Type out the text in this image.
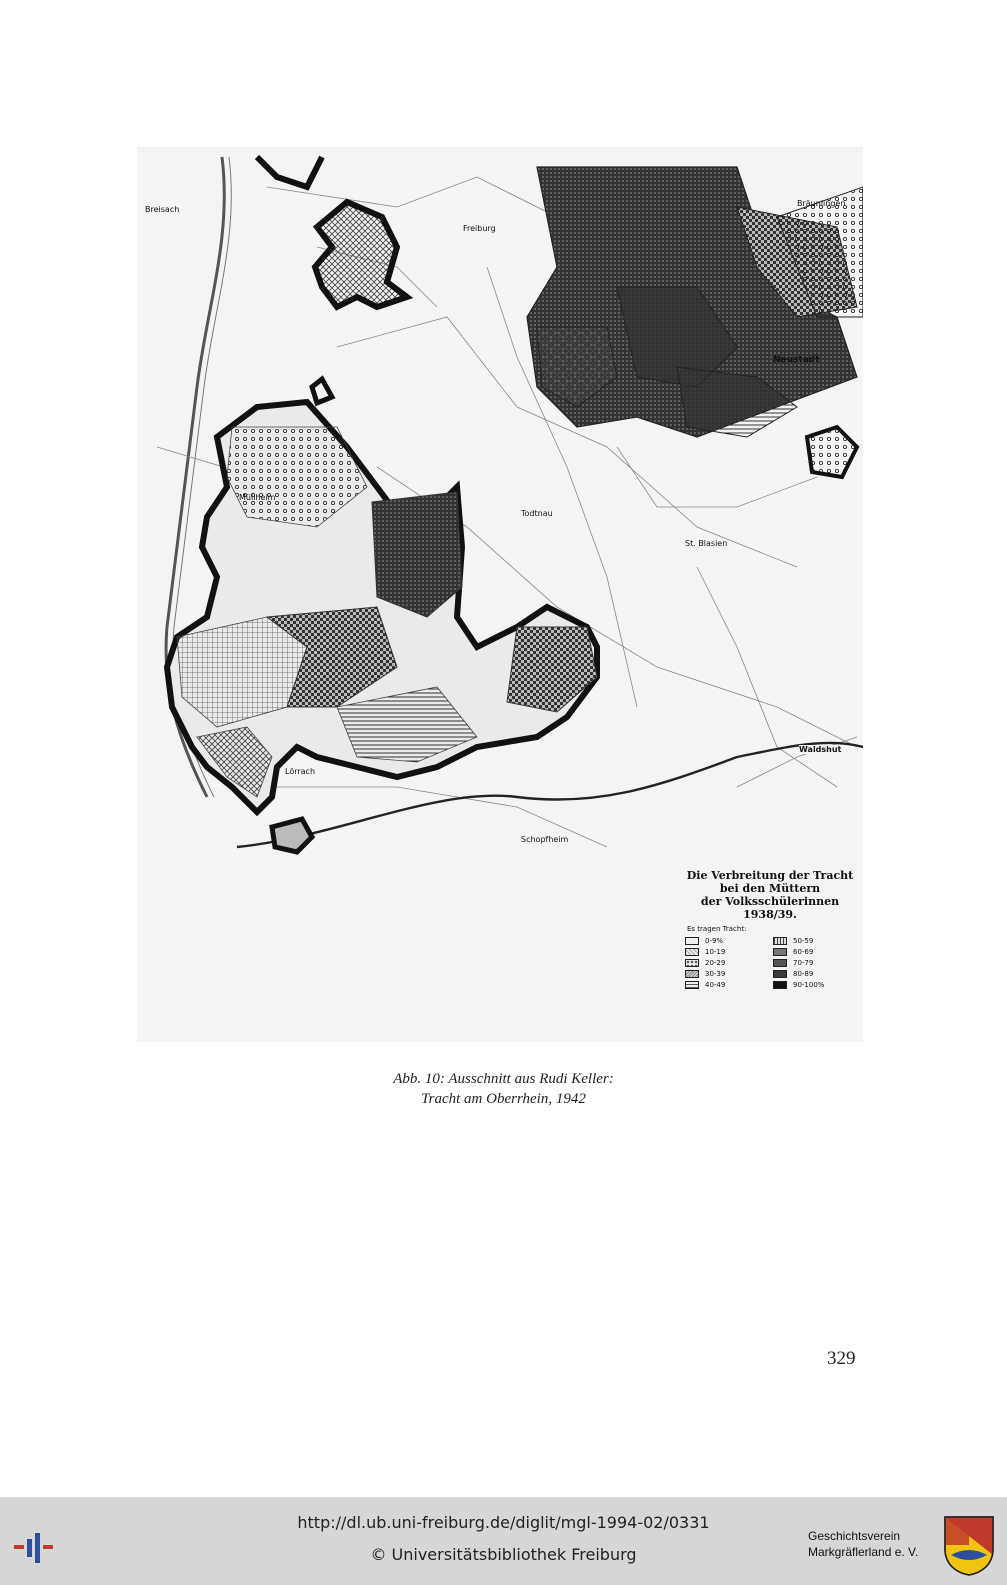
Freiburg
Breisach
Bräunlingen
Neustadt
St. Blasien
Müllheim
Todtnau
Schopfheim
Lörrach
Waldshut
Die Verbreitung der Tracht
bei den Müttern
der Volksschülerinnen 1938/39.
Es tragen Tracht:
0-9%	50-59
10-19	60-69
20-29	70-79
30-39	80-89
40-49	90-100%
Abb. 10: Ausschnitt aus Rudi Keller:
Tracht am Oberrhein, 1942
329
http://dl.ub.uni-freiburg.de/diglit/mgl-1994-02/0331
© Universitätsbibliothek Freiburg
Geschichtsverein
Markgräflerland e. V.
